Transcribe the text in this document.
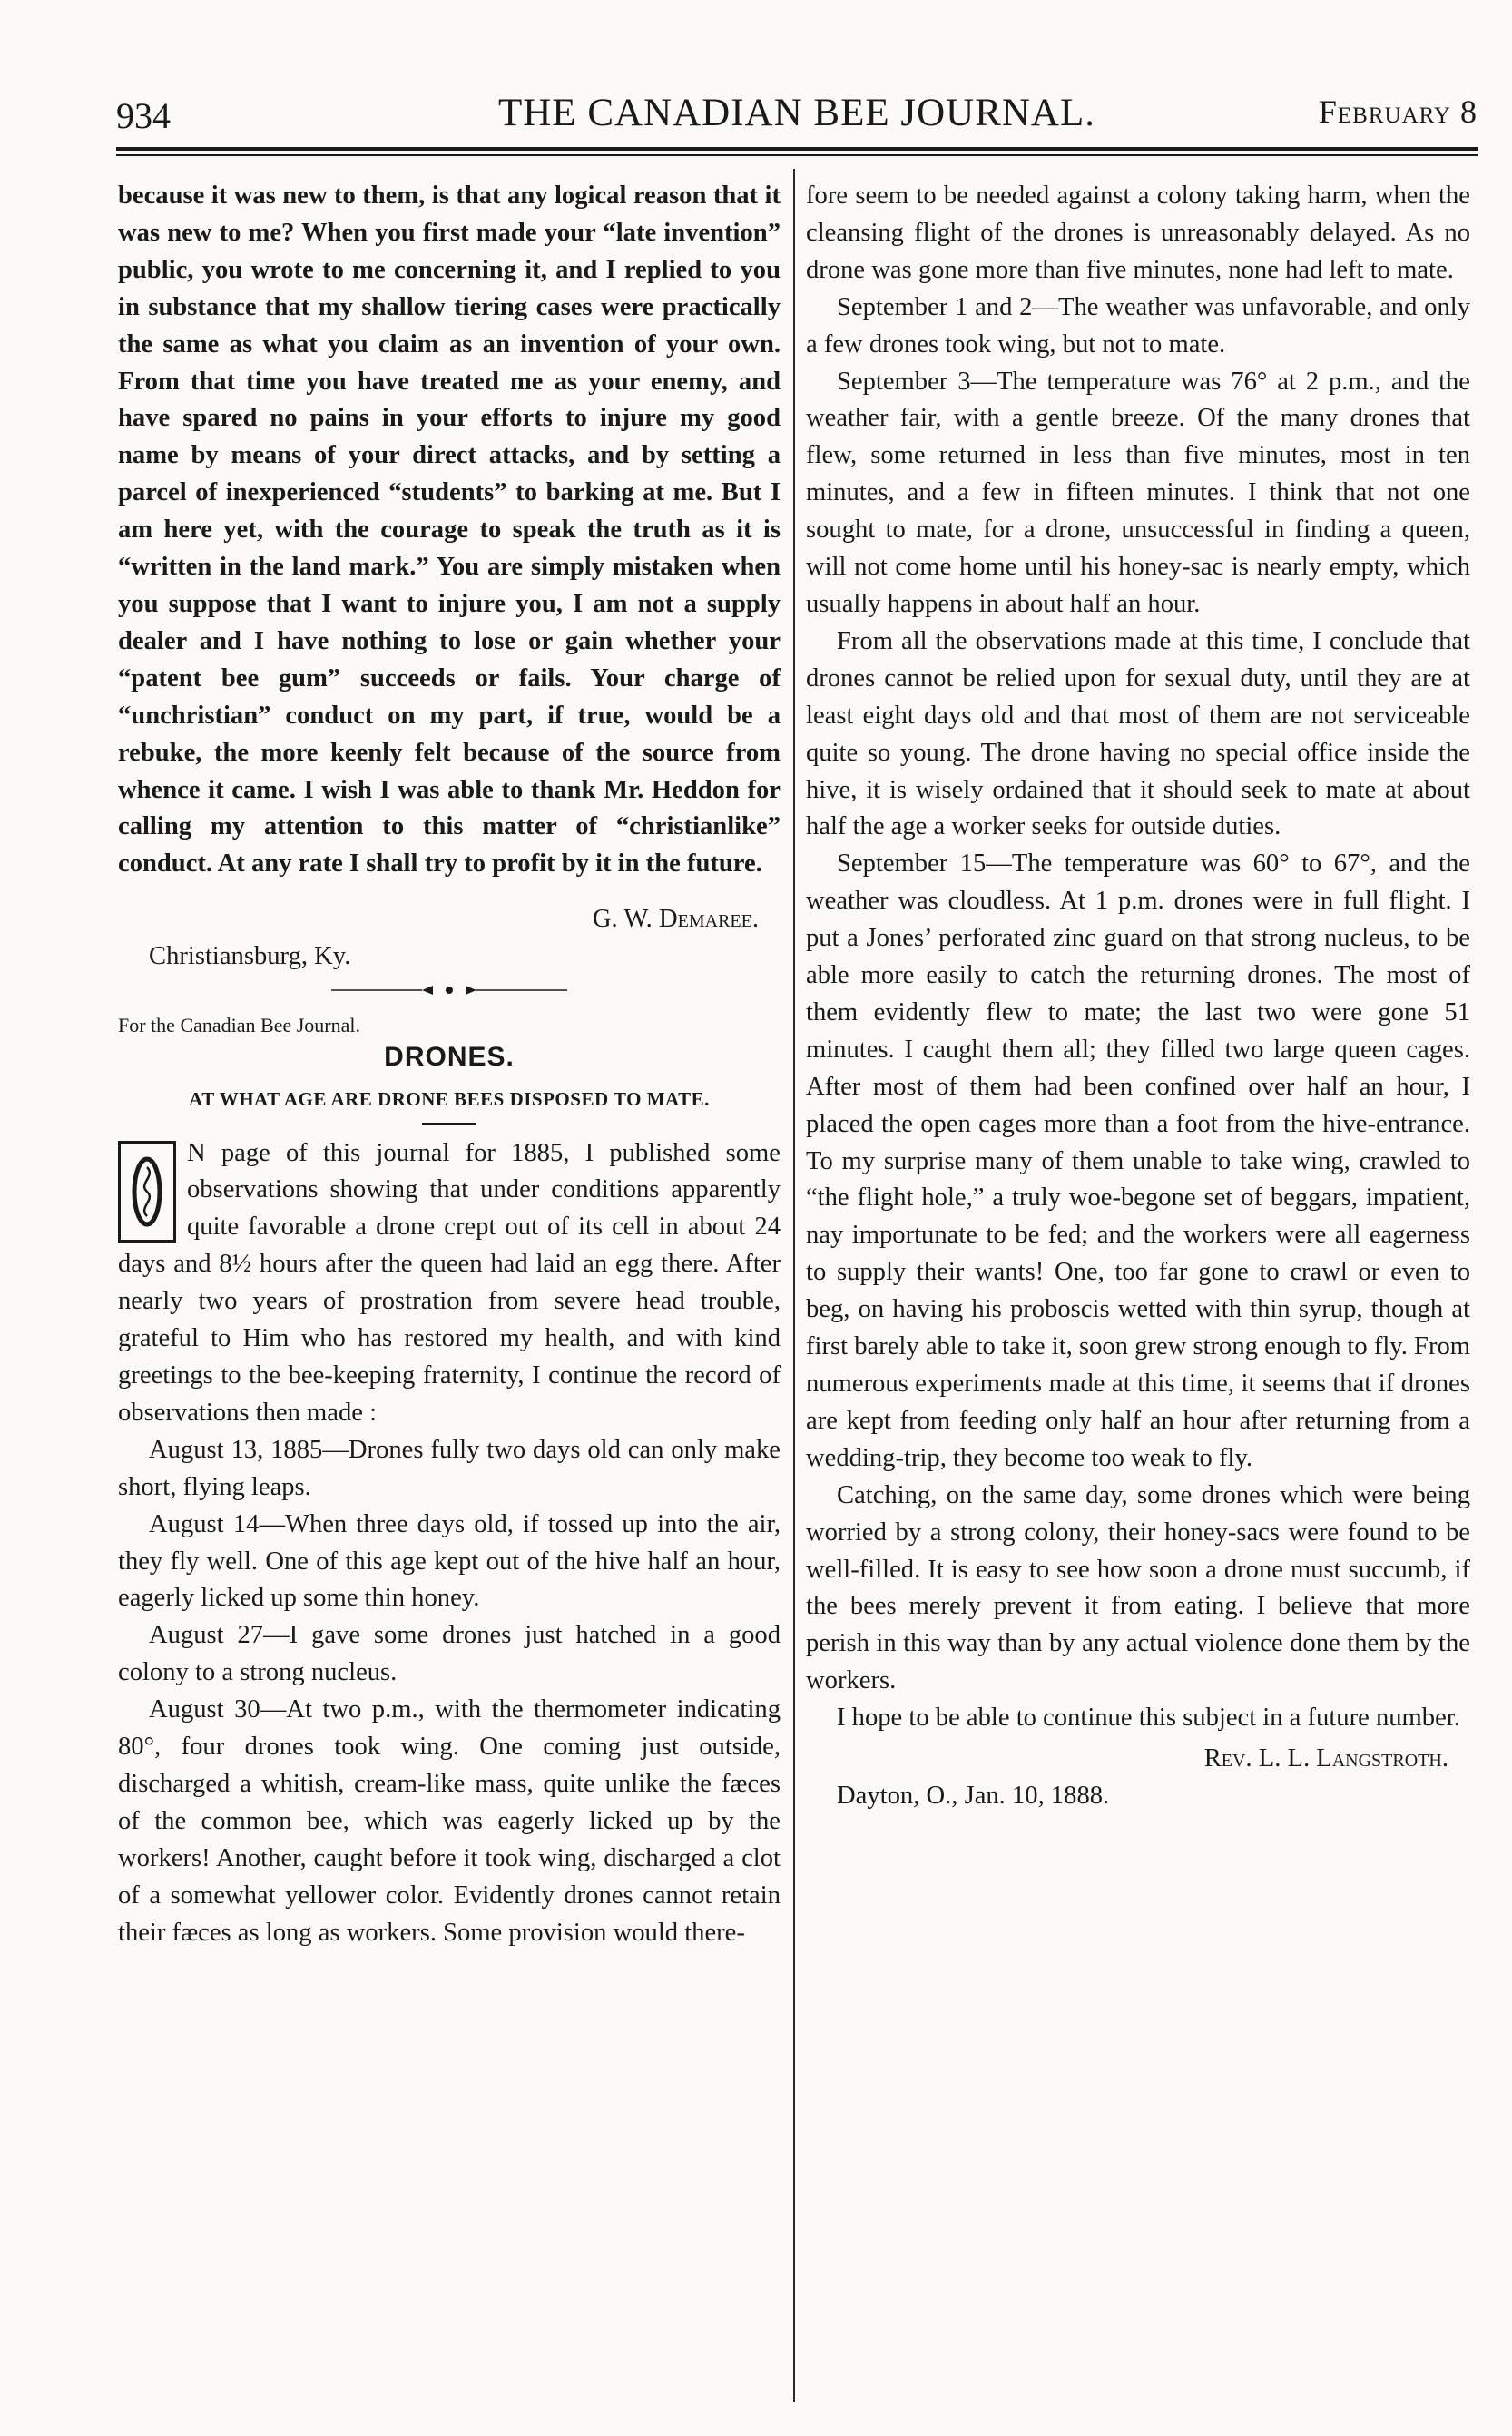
934	THE CANADIAN BEE JOURNAL.	February 8

because it was new to them, is that any logical reason that it was new to me? When you first made your “late invention” public, you wrote to me concerning it, and I replied to you in substance that my shallow tiering cases were practically the same as what you claim as an invention of your own. From that time you have treated me as your enemy, and have spared no pains in your efforts to injure my good name by means of your direct attacks, and by setting a parcel of inexperienced “students” to barking at me. But I am here yet, with the courage to speak the truth as it is “written in the land mark.” You are simply mistaken when you suppose that I want to injure you, I am not a supply dealer and I have nothing to lose or gain whether your “patent bee gum” succeeds or fails. Your charge of “unchristian” conduct on my part, if true, would be a rebuke, the more keenly felt because of the source from whence it came. I wish I was able to thank Mr. Heddon for calling my attention to this matter of “christianlike” conduct. At any rate I shall try to profit by it in the future.

G. W. Demaree.

Christiansburg, Ky.

For the Canadian Bee Journal.

DRONES.

AT WHAT AGE ARE DRONE BEES DISPOSED TO MATE.

N page of this journal for 1885, I published some observations showing that under conditions apparently quite favorable a drone crept out of its cell in about 24 days and 8½ hours after the queen had laid an egg there. After nearly two years of prostration from severe head trouble, grateful to Him who has restored my health, and with kind greetings to the bee-keeping fraternity, I continue the record of observations then made :

August 13, 1885—Drones fully two days old can only make short, flying leaps.

August 14—When three days old, if tossed up into the air, they fly well. One of this age kept out of the hive half an hour, eagerly licked up some thin honey.

August 27—I gave some drones just hatched in a good colony to a strong nucleus.

August 30—At two p.m., with the thermometer indicating 80°, four drones took wing. One coming just outside, discharged a whitish, cream-like mass, quite unlike the fæces of the common bee, which was eagerly licked up by the workers! Another, caught before it took wing, discharged a clot of a somewhat yellower color. Evidently drones cannot retain their fæces as long as workers. Some provision would there-

fore seem to be needed against a colony taking harm, when the cleansing flight of the drones is unreasonably delayed. As no drone was gone more than five minutes, none had left to mate.

September 1 and 2—The weather was unfavorable, and only a few drones took wing, but not to mate.

September 3—The temperature was 76° at 2 p.m., and the weather fair, with a gentle breeze. Of the many drones that flew, some returned in less than five minutes, most in ten minutes, and a few in fifteen minutes. I think that not one sought to mate, for a drone, unsuccessful in finding a queen, will not come home until his honey-sac is nearly empty, which usually happens in about half an hour.

From all the observations made at this time, I conclude that drones cannot be relied upon for sexual duty, until they are at least eight days old and that most of them are not serviceable quite so young. The drone having no special office inside the hive, it is wisely ordained that it should seek to mate at about half the age a worker seeks for outside duties.

September 15—The temperature was 60° to 67°, and the weather was cloudless. At 1 p.m. drones were in full flight. I put a Jones’ perforated zinc guard on that strong nucleus, to be able more easily to catch the returning drones. The most of them evidently flew to mate; the last two were gone 51 minutes. I caught them all; they filled two large queen cages. After most of them had been confined over half an hour, I placed the open cages more than a foot from the hive-entrance. To my surprise many of them unable to take wing, crawled to “the flight hole,” a truly woe-begone set of beggars, impatient, nay importunate to be fed; and the workers were all eagerness to supply their wants! One, too far gone to crawl or even to beg, on having his proboscis wetted with thin syrup, though at first barely able to take it, soon grew strong enough to fly. From numerous experiments made at this time, it seems that if drones are kept from feeding only half an hour after returning from a wedding-trip, they become too weak to fly.

Catching, on the same day, some drones which were being worried by a strong colony, their honey-sacs were found to be well-filled. It is easy to see how soon a drone must succumb, if the bees merely prevent it from eating. I believe that more perish in this way than by any actual violence done them by the workers.

I hope to be able to continue this subject in a future number.

Rev. L. L. Langstroth.

Dayton, O., Jan. 10, 1888.
